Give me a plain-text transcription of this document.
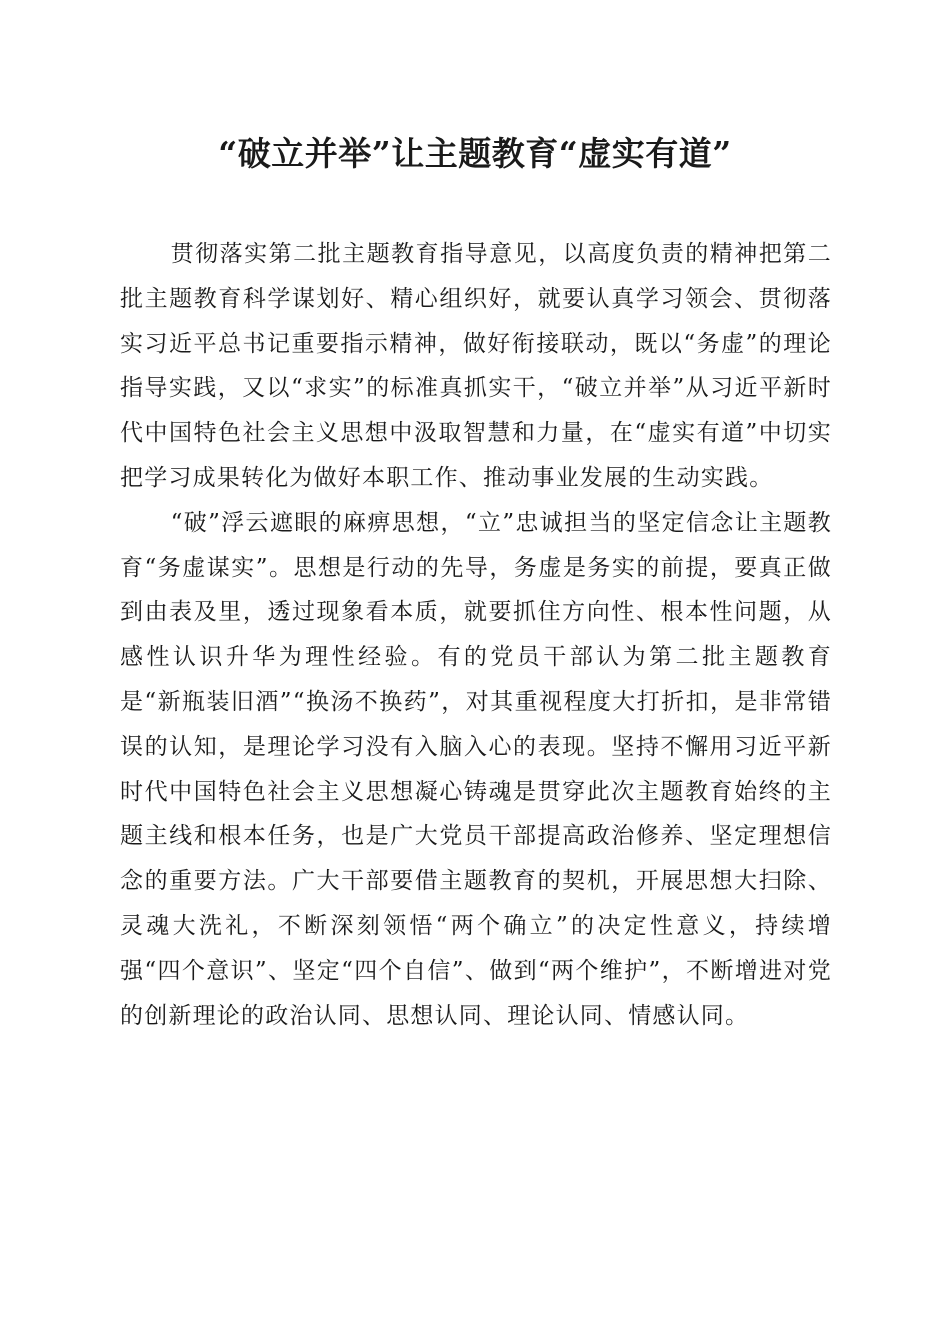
“破立并举”让主题教育“虚实有道”

贯彻落实第二批主题教育指导意见，以高度负责的精神把第二批主题教育科学谋划好、精心组织好，就要认真学习领会、贯彻落实习近平总书记重要指示精神，做好衔接联动，既以“务虚”的理论指导实践，又以“求实”的标准真抓实干，“破立并举”从习近平新时代中国特色社会主义思想中汲取智慧和力量，在“虚实有道”中切实把学习成果转化为做好本职工作、推动事业发展的生动实践。

“破”浮云遮眼的麻痹思想，“立”忠诚担当的坚定信念让主题教育“务虚谋实”。思想是行动的先导，务虚是务实的前提，要真正做到由表及里，透过现象看本质，就要抓住方向性、根本性问题，从感性认识升华为理性经验。有的党员干部认为第二批主题教育是“新瓶装旧酒”“换汤不换药”，对其重视程度大打折扣，是非常错误的认知，是理论学习没有入脑入心的表现。坚持不懈用习近平新时代中国特色社会主义思想凝心铸魂是贯穿此次主题教育始终的主题主线和根本任务，也是广大党员干部提高政治修养、坚定理想信念的重要方法。广大干部要借主题教育的契机，开展思想大扫除、灵魂大洗礼，不断深刻领悟“两个确立”的决定性意义，持续增强“四个意识”、坚定“四个自信”、做到“两个维护”，不断增进对党的创新理论的政治认同、思想认同、理论认同、情感认同。
